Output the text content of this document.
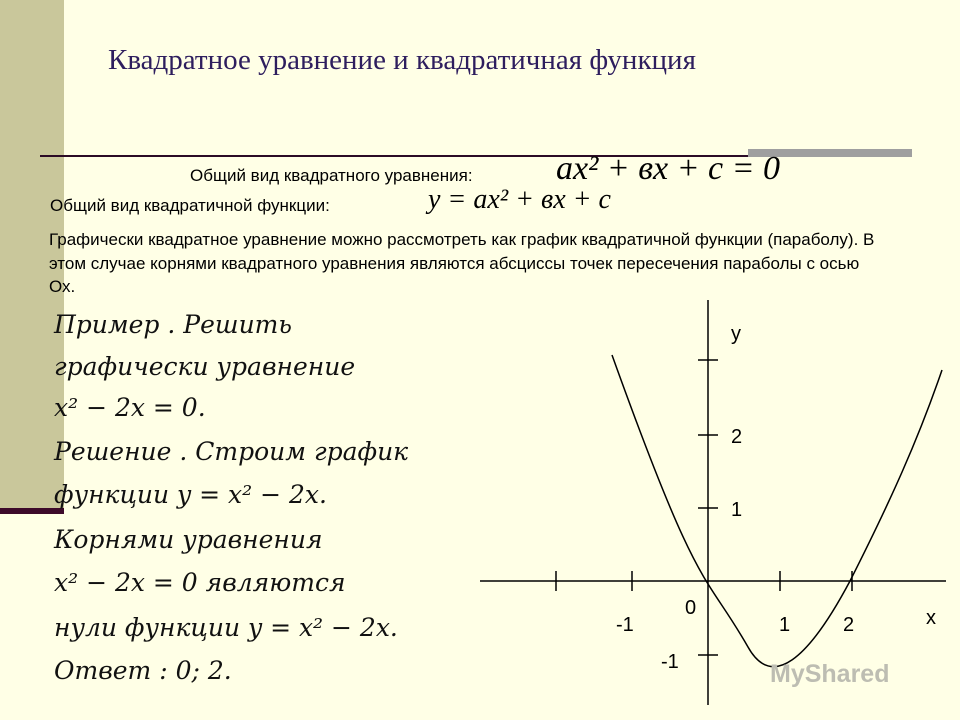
Квадратное уравнение и квадратичная функция
Общий вид квадратного уравнения: ax² + вx + c = 0
Общий вид квадратичной функции:	y = ax² + вx + c
Графически квадратное уравнение можно рассмотреть как график квадратичной функции (параболу). В этом случае корнями квадратного уравнения являются абсциссы точек пересечения параболы с осью Ох.
Пример . Решить
графически уравнение
x² − 2x = 0.
Решение . Строим график
функции y = x² − 2x.
Корнями уравнения
x² − 2x = 0 являются
нули функции y = x² − 2x.
Ответ : 0; 2.
y
x
0
-1	1	2
2
1
-1	MyShared
